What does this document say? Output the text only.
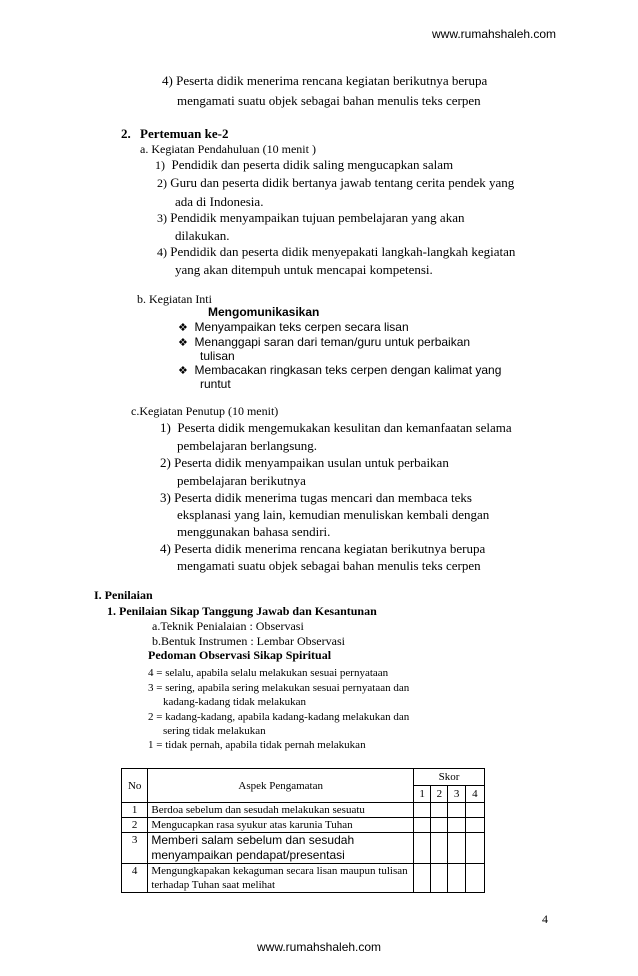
www.rumahshaleh.com
4) Peserta didik menerima rencana kegiatan berikutnya berupa
mengamati suatu objek sebagai bahan menulis teks cerpen
2. Pertemuan ke-2
a. Kegiatan Pendahuluan (10 menit )
1) Pendidik dan peserta didik saling mengucapkan salam
2) Guru dan peserta didik bertanya jawab tentang cerita pendek yang
ada di Indonesia.
3) Pendidik menyampaikan tujuan pembelajaran yang akan
dilakukan.
4) Pendidik dan peserta didik menyepakati langkah-langkah kegiatan
yang akan ditempuh untuk mencapai kompetensi.
b. Kegiatan Inti
Mengomunikasikan
❖ Menyampaikan teks cerpen secara lisan
❖ Menanggapi saran dari teman/guru untuk perbaikan
tulisan
❖ Membacakan ringkasan teks cerpen dengan kalimat yang
runtut
c.Kegiatan Penutup (10 menit)
1) Peserta didik mengemukakan kesulitan dan kemanfaatan selama
pembelajaran berlangsung.
2) Peserta didik menyampaikan usulan untuk perbaikan
pembelajaran berikutnya
3) Peserta didik menerima tugas mencari dan membaca teks
eksplanasi yang lain, kemudian menuliskan kembali dengan
menggunakan bahasa sendiri.
4) Peserta didik menerima rencana kegiatan berikutnya berupa
mengamati suatu objek sebagai bahan menulis teks cerpen
I. Penilaian
1. Penilaian Sikap Tanggung Jawab dan Kesantunan
a.Teknik Penialaian : Observasi
b.Bentuk Instrumen : Lembar Observasi
Pedoman Observasi Sikap Spiritual
4 = selalu, apabila selalu melakukan sesuai pernyataan
3 = sering, apabila sering melakukan sesuai pernyataan dan
kadang-kadang tidak melakukan
2 = kadang-kadang, apabila kadang-kadang melakukan dan
sering tidak melakukan
1 = tidak pernah, apabila tidak pernah melakukan
No	Aspek Pengamatan	Skor			
		1	2	3	4
1	Berdoa sebelum dan sesudah melakukan sesuatu				
2	Mengucapkan rasa syukur atas karunia Tuhan				
3	Memberi salam sebelum dan sesudah menyampaikan pendapat/presentasi				
4	Mengungkapakan kekaguman secara lisan maupun tulisan terhadap Tuhan saat melihat				
4
www.rumahshaleh.com
